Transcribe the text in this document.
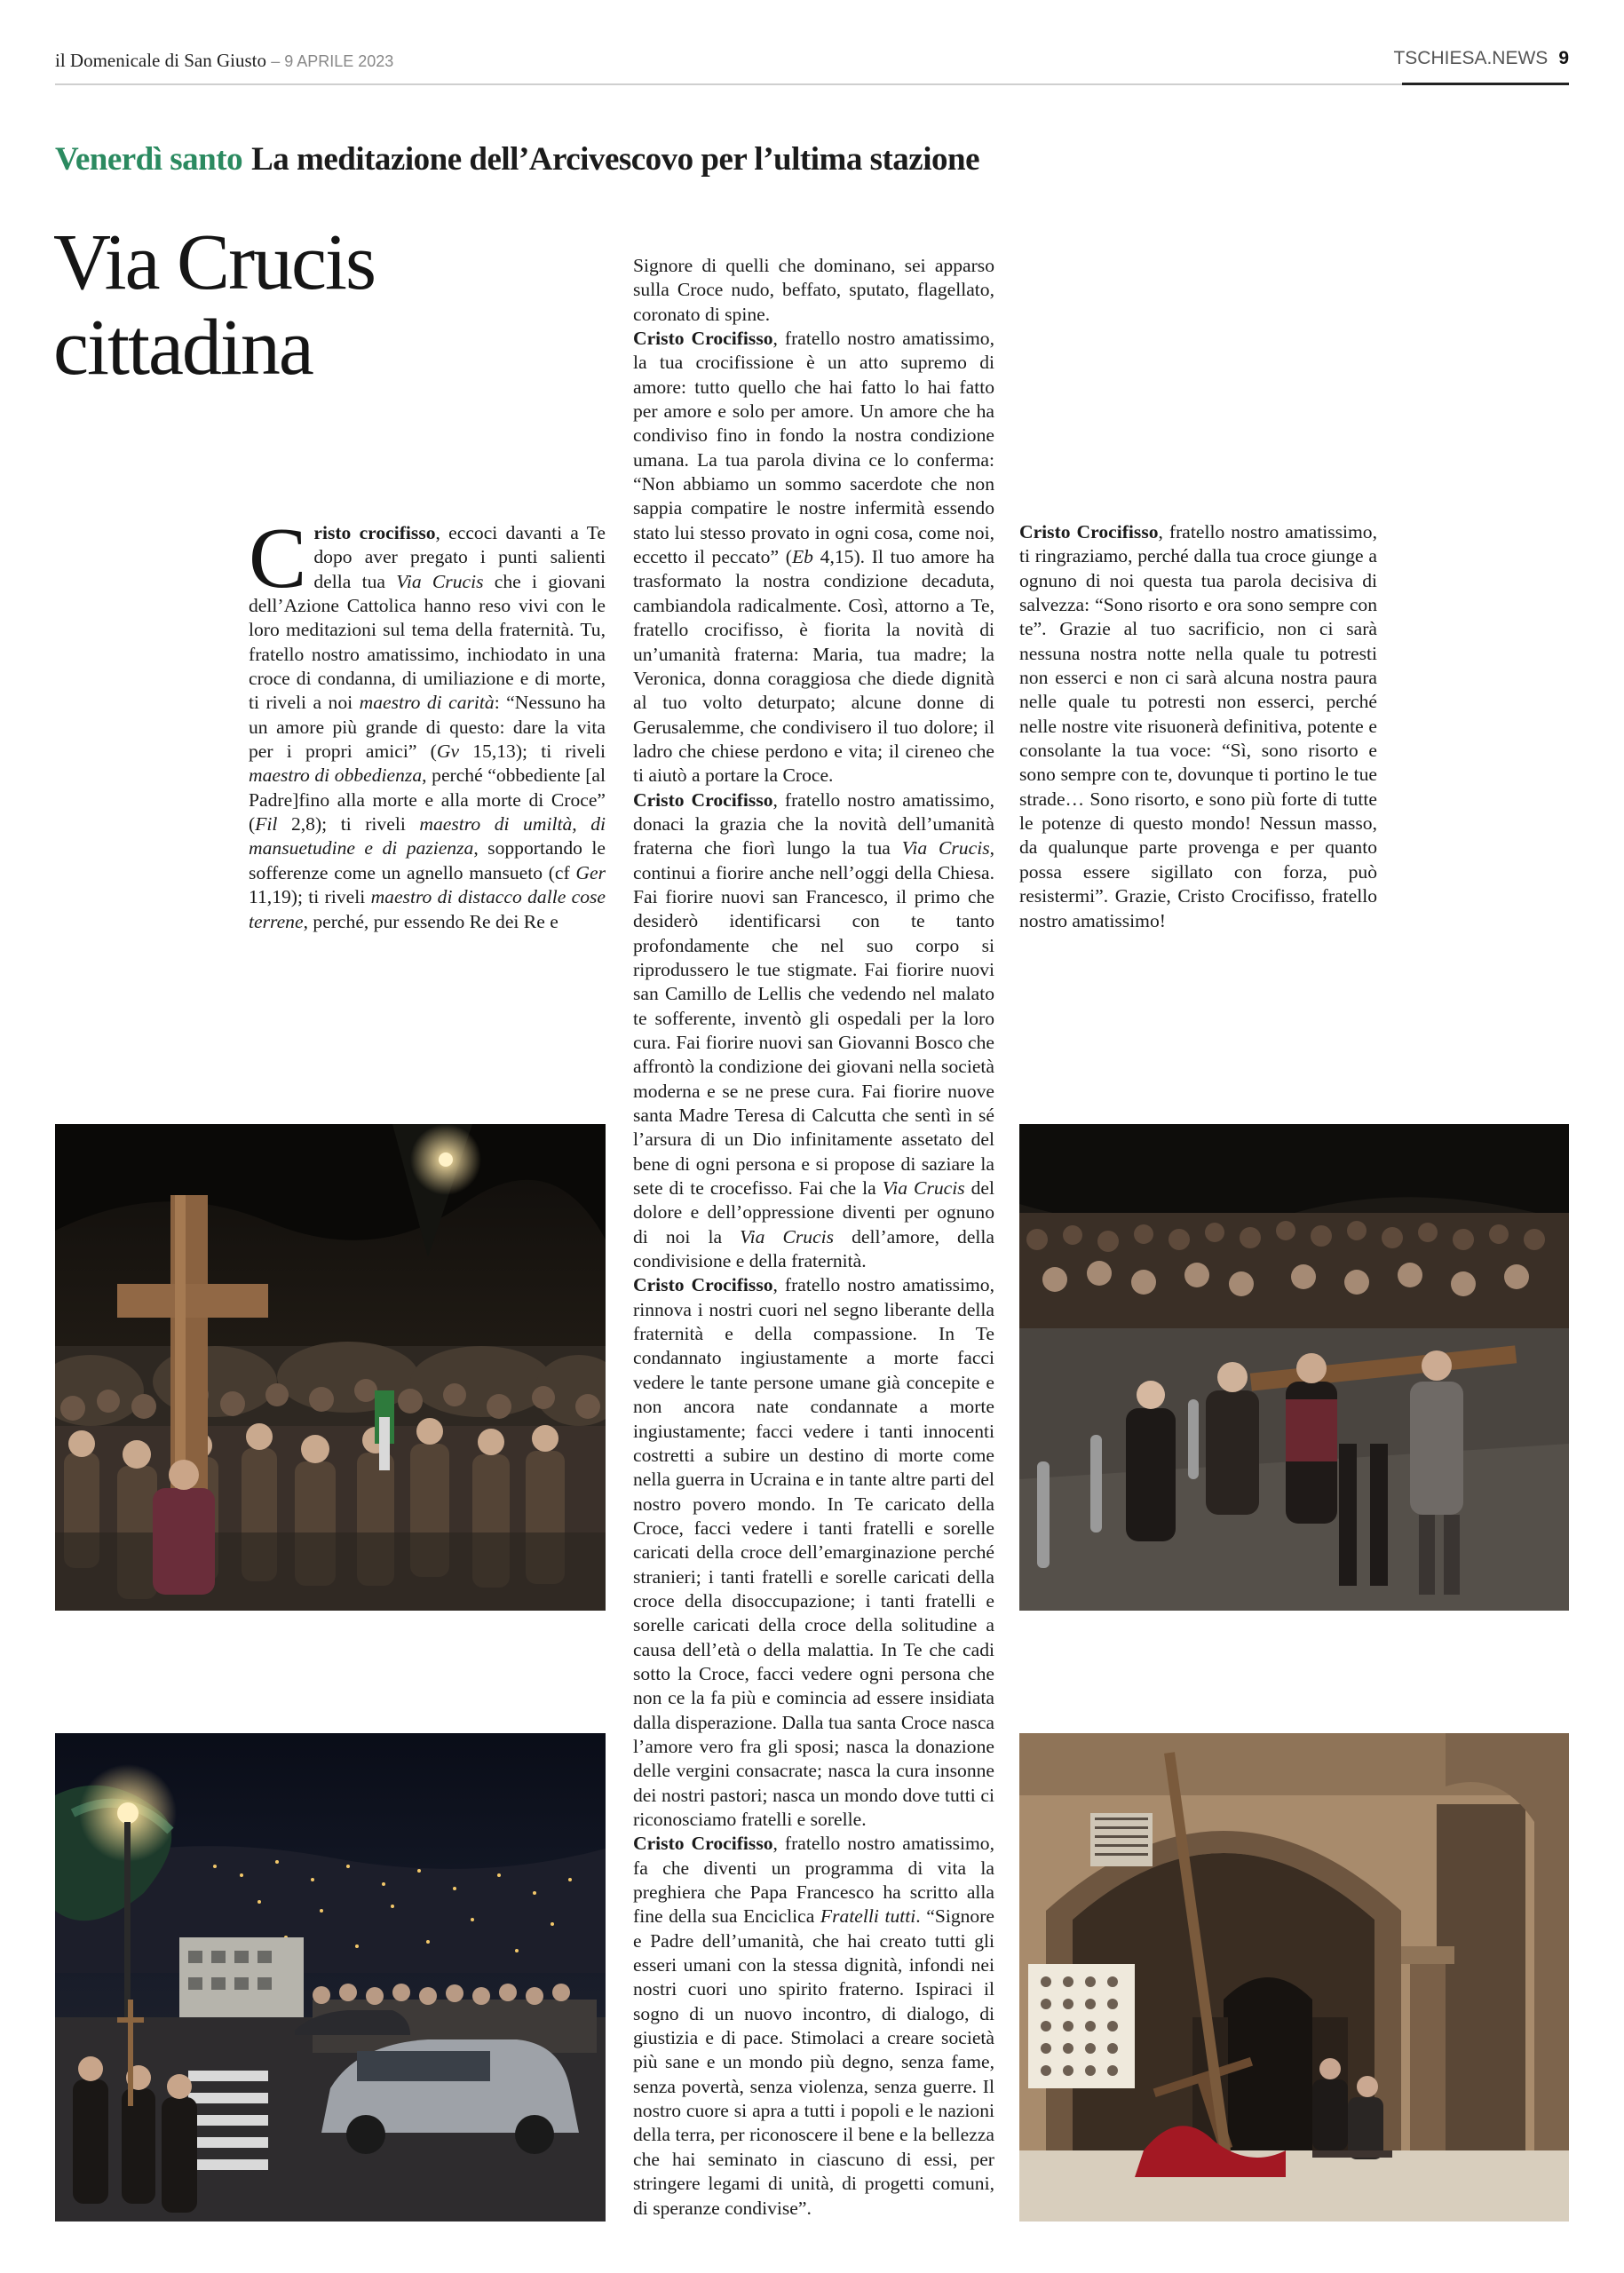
il Domenicale di San Giusto – 9 APRILE 2023	TSCHIESA.NEWS 9
Venerdì santo La meditazione dell’Arcivescovo per l’ultima stazione
Via Crucis
cittadina

Cristo crocifisso, eccoci davanti a Te dopo aver pregato i punti salienti della tua Via Crucis che i giovani dell’Azione Cattolica hanno reso vivi con le loro meditazioni sul tema della fraternità. Tu, fratello nostro amatissimo, inchiodato in una croce di condanna, di umiliazione e di morte, ti riveli a noi maestro di carità: “Nessuno ha un amore più grande di questo: dare la vita per i propri amici” (Gv 15,13); ti riveli maestro di obbedienza, perché “obbediente [al Padre]fino alla morte e alla morte di Croce” (Fil 2,8); ti riveli maestro di umiltà, di mansuetudine e di pazienza, sopportando le sofferenze come un agnello mansueto (cf Ger 11,19); ti riveli maestro di distacco dalle cose terrene, perché, pur essendo Re dei Re e

Signore di quelli che dominano, sei apparso sulla Croce nudo, beffato, sputato, flagellato, coronato di spine.

Cristo Crocifisso, fratello nostro amatissimo, la tua crocifissione è un atto supremo di amore: tutto quello che hai fatto lo hai fatto per amore e solo per amore. Un amore che ha condiviso fino in fondo la nostra condizione umana. La tua parola divina ce lo conferma: “Non abbiamo un sommo sacerdote che non sappia compatire le nostre infermità essendo stato lui stesso provato in ogni cosa, come noi, eccetto il peccato” (Eb 4,15). Il tuo amore ha trasformato la nostra condizione decaduta, cambiandola radicalmente. Così, attorno a Te, fratello crocifisso, è fiorita la novità di un’umanità fraterna: Maria, tua madre; la Veronica, donna coraggiosa che diede dignità al tuo volto deturpato; alcune donne di Gerusalemme, che condivisero il tuo dolore; il ladro che chiese perdono e vita; il cireneo che ti aiutò a portare la Croce.

Cristo Crocifisso, fratello nostro amatissimo, donaci la grazia che la novità dell’umanità fraterna che fiorì lungo la tua Via Crucis, continui a fiorire anche nell’oggi della Chiesa. Fai fiorire nuovi san Francesco, il primo che desiderò identificarsi con te tanto profondamente che nel suo corpo si riprodussero le tue stigmate. Fai fiorire nuovi san Camillo de Lellis che vedendo nel malato te sofferente, inventò gli ospedali per la loro cura. Fai fiorire nuovi san Giovanni Bosco che affrontò la condizione dei giovani nella società moderna e se ne prese cura. Fai fiorire nuove santa Madre Teresa di Calcutta che sentì in sé l’arsura di un Dio infinitamente assetato del bene di ogni persona e si propose di saziare la sete di te crocefisso. Fai che la Via Crucis del dolore e dell’oppressione diventi per ognuno di noi la Via Crucis dell’amore, della condivisione e della fraternità.

Cristo Crocifisso, fratello nostro amatissimo, rinnova i nostri cuori nel segno liberante della fraternità e della compassione. In Te condannato ingiustamente a morte facci vedere le tante persone umane già concepite e non ancora nate condannate a morte ingiustamente; facci vedere i tanti innocenti costretti a subire un destino di morte come nella guerra in Ucraina e in tante altre parti del nostro povero mondo. In Te caricato della Croce, facci vedere i tanti fratelli e sorelle caricati della croce dell’emarginazione perché stranieri; i tanti fratelli e sorelle caricati della croce della disoccupazione; i tanti fratelli e sorelle caricati della croce della solitudine a causa dell’età o della malattia. In Te che cadi sotto la Croce, facci vedere ogni persona che non ce la fa più e comincia ad essere insidiata dalla disperazione. Dalla tua santa Croce nasca l’amore vero fra gli sposi; nasca la donazione delle vergini consacrate; nasca la cura insonne dei nostri pastori; nasca un mondo dove tutti ci riconosciamo fratelli e sorelle.

Cristo Crocifisso, fratello nostro amatissimo, fa che diventi un programma di vita la preghiera che Papa Francesco ha scritto alla fine della sua Enciclica Fratelli tutti. “Signore e Padre dell’umanità, che hai creato tutti gli esseri umani con la stessa dignità, infondi nei nostri cuori uno spirito fraterno. Ispiraci il sogno di un nuovo incontro, di dialogo, di giustizia e di pace. Stimolaci a creare società più sane e un mondo più degno, senza fame, senza povertà, senza violenza, senza guerre. Il nostro cuore si apra a tutti i popoli e le nazioni della terra, per riconoscere il bene e la bellezza che hai seminato in ciascuno di essi, per stringere legami di unità, di progetti comuni, di speranze condivise”.

Cristo Crocifisso, fratello nostro amatissimo, ti ringraziamo, perché dalla tua croce giunge a ognuno di noi questa tua parola decisiva di salvezza: “Sono risorto e ora sono sempre con te”. Grazie al tuo sacrificio, non ci sarà nessuna nostra notte nella quale tu potresti non esserci e non ci sarà alcuna nostra paura nelle quale tu potresti non esserci, perché nelle nostre vite risuonerà definitiva, potente e consolante la tua voce: “Sì, sono risorto e sono sempre con te, dovunque ti portino le tue strade… Sono risorto, e sono più forte di tutte le potenze di questo mondo! Nessun masso, da qualunque parte provenga e per quanto possa essere sigillato con forza, può resistermi”. Grazie, Cristo Crocifisso, fratello nostro amatissimo!
